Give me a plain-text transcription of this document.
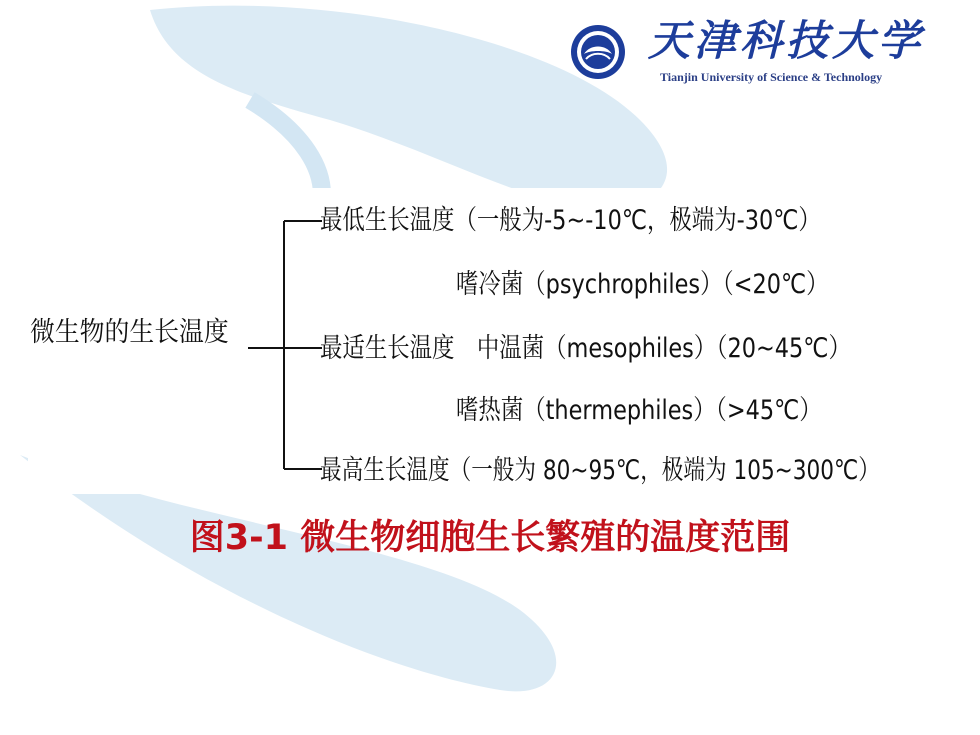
天津科技大学
Tianjin University of Science & Technology
微生物的生长温度
最低生长温度（一般为-5~-10℃，极端为-30℃）
嗜冷菌（psychrophiles）（<20℃）
最适生长温度　中温菌（mesophiles）（20~45℃）
嗜热菌（thermephiles）（>45℃）
最高生长温度（一般为 80~95℃，极端为 105~300℃）
图3-1 微生物细胞生长繁殖的温度范围
